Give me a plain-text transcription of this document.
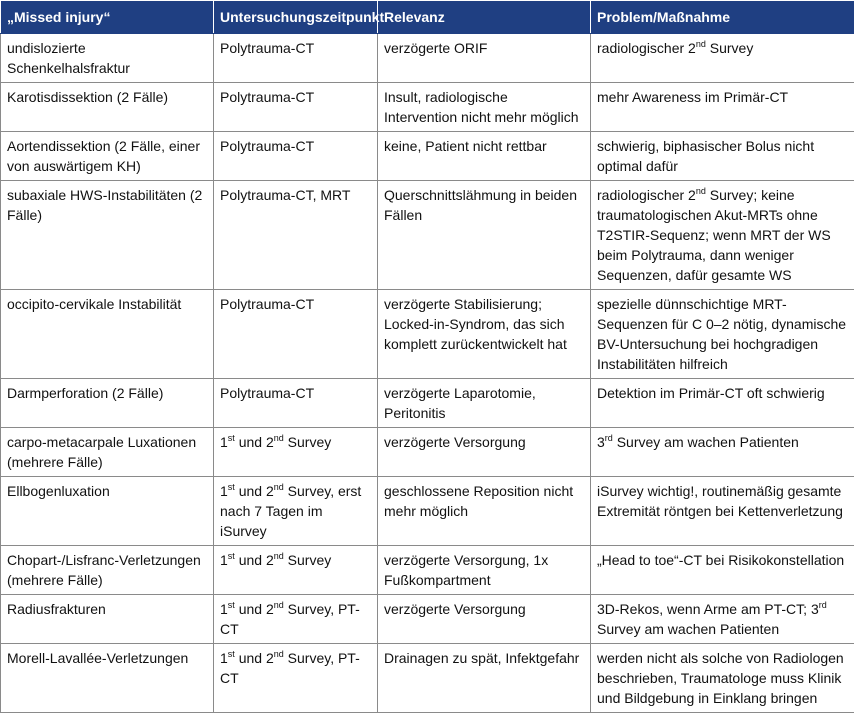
„Missed injury“	Untersuchungszeitpunkt	Relevanz	Problem/Maßnahme
undislozierte Schenkelhalsfraktur	Polytrauma-CT	verzögerte ORIF	radiologischer 2nd Survey
Karotisdissektion (2 Fälle)	Polytrauma-CT	Insult, radiologische Intervention nicht mehr möglich	mehr Awareness im Primär-CT
Aortendissektion (2 Fälle, einer von auswärtigem KH)	Polytrauma-CT	keine, Patient nicht rettbar	schwierig, biphasischer Bolus nicht optimal dafür
subaxiale HWS-Instabilitäten (2 Fälle)	Polytrauma-CT, MRT	Querschnittslähmung in beiden Fällen	radiologischer 2nd Survey; keine traumatologischen Akut-MRTs ohne T2STIR-Sequenz; wenn MRT der WS beim Polytrauma, dann weniger Sequenzen, dafür gesamte WS
occipito-cervikale Instabilität	Polytrauma-CT	verzögerte Stabilisierung; Locked-in-Syndrom, das sich komplett zurückentwickelt hat	spezielle dünnschichtige MRT-Sequenzen für C 0–2 nötig, dynamische BV-Untersuchung bei hochgradigen Instabilitäten hilfreich
Darmperforation (2 Fälle)	Polytrauma-CT	verzögerte Laparotomie, Peritonitis	Detektion im Primär-CT oft schwierig
carpo-metacarpale Luxationen (mehrere Fälle)	1st und 2nd Survey	verzögerte Versorgung	3rd Survey am wachen Patienten
Ellbogenluxation	1st und 2nd Survey, erst nach 7 Tagen im iSurvey	geschlossene Reposition nicht mehr möglich	iSurvey wichtig!, routinemäßig gesamte Extremität röntgen bei Kettenverletzung
Chopart-/Lisfranc-Verletzungen (mehrere Fälle)	1st und 2nd Survey	verzögerte Versorgung, 1x Fußkompartment	„Head to toe“-CT bei Risikokonstellation
Radiusfrakturen	1st und 2nd Survey, PT-CT	verzögerte Versorgung	3D-Rekos, wenn Arme am PT-CT; 3rd Survey am wachen Patienten
Morell-Lavallée-Verletzungen	1st und 2nd Survey, PT-CT	Drainagen zu spät, Infektgefahr	werden nicht als solche von Radiologen beschrieben, Traumatologe muss Klinik und Bildgebung in Einklang bringen
